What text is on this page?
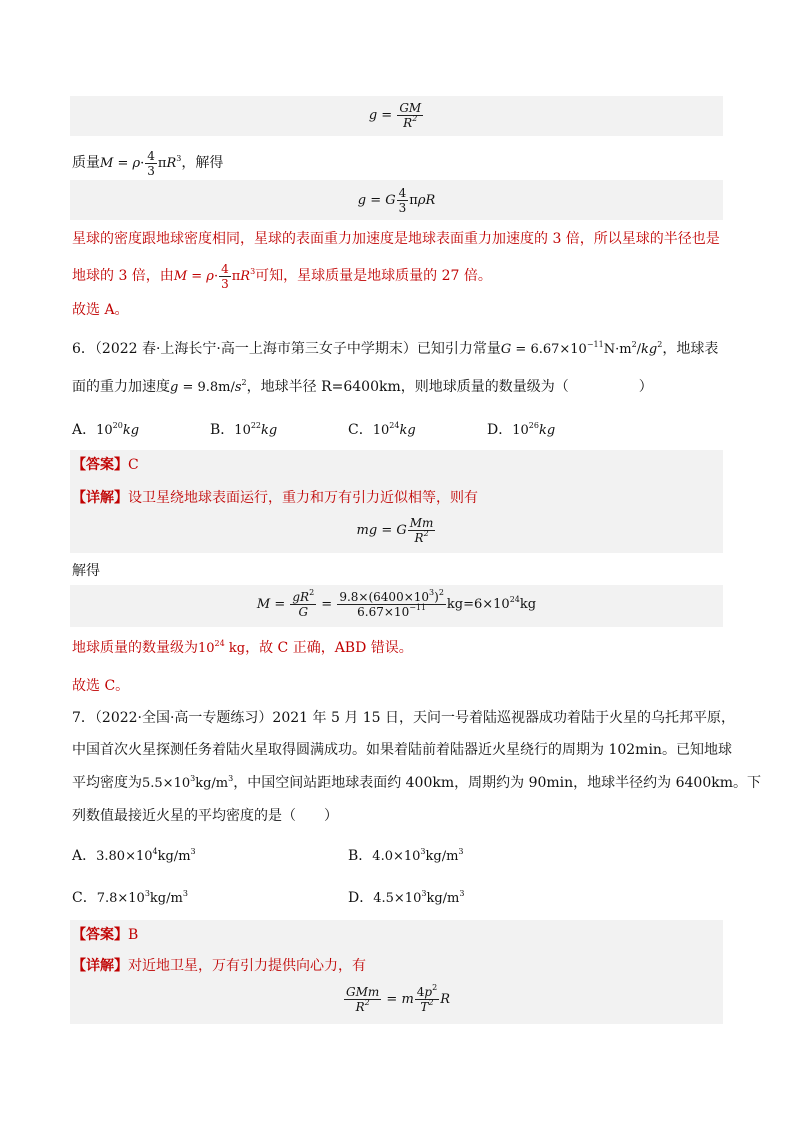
$g = \frac{GM}{R^2}$
质量$M = \rho\cdot \frac{4}{3} \pi R^3$，解得
g = G $\frac{4}{3}$ πρR
星球的密度跟地球密度相同，星球的表面重力加速度是地球表面重力加速度的 3 倍，所以星球的半径也是
地球的 3 倍，由$M = \rho\cdot \frac{4}{3} \pi R^3$可知，星球质量是地球质量的 27 倍。
故选 A。
6．（2022 春·上海长宁·高一上海市第三女子中学期末）已知引力常量$G = 6.67\times 10^{-11}N\cdot m^2/kg^2$，地球表
面的重力加速度$g = 9.8m/s^2$，地球半径 R=6400km，则地球质量的数量级为（　　　　　）
A．$10^{20}kg$	B．$10^{22}kg$	C．$10^{24}kg$	D．$10^{26}kg$
【答案】C
【详解】设卫星绕地球表面运行，重力和万有引力近似相等，则有
mg = G $\frac{Mm}{R^2}$
解得
$M = \frac{gR^2}{G} = \frac{9.8\times(6400\times 10^3)^2}{6.67\times 10^{-11}} kg=6\times 10^{24}kg$
地球质量的数量级为$10^{24}$ kg，故 C 正确，ABD 错误。
故选 C。
7．（2022·全国·高一专题练习）2021 年 5 月 15 日，天问一号着陆巡视器成功着陆于火星的乌托邦平原，
中国首次火星探测任务着陆火星取得圆满成功。如果着陆前着陆器近火星绕行的周期为 102min。已知地球
平均密度为$5.5\times 10^3kg/m^3$，中国空间站距地球表面约 400km，周期约为 90min，地球半径约为 6400km。下
列数值最接近火星的平均密度的是（　　）
A．$3.80\times 10^4kg/m^3$	B．$4.0\times 10^3kg/m^3$
C．$7.8\times 10^3kg/m^3$	D．$4.5\times 10^3kg/m^3$
【答案】B
【详解】对近地卫星，万有引力提供向心力，有
$\frac{\text{GMm}}{R^2} = m \frac{4p^2}{T^2}$ R
